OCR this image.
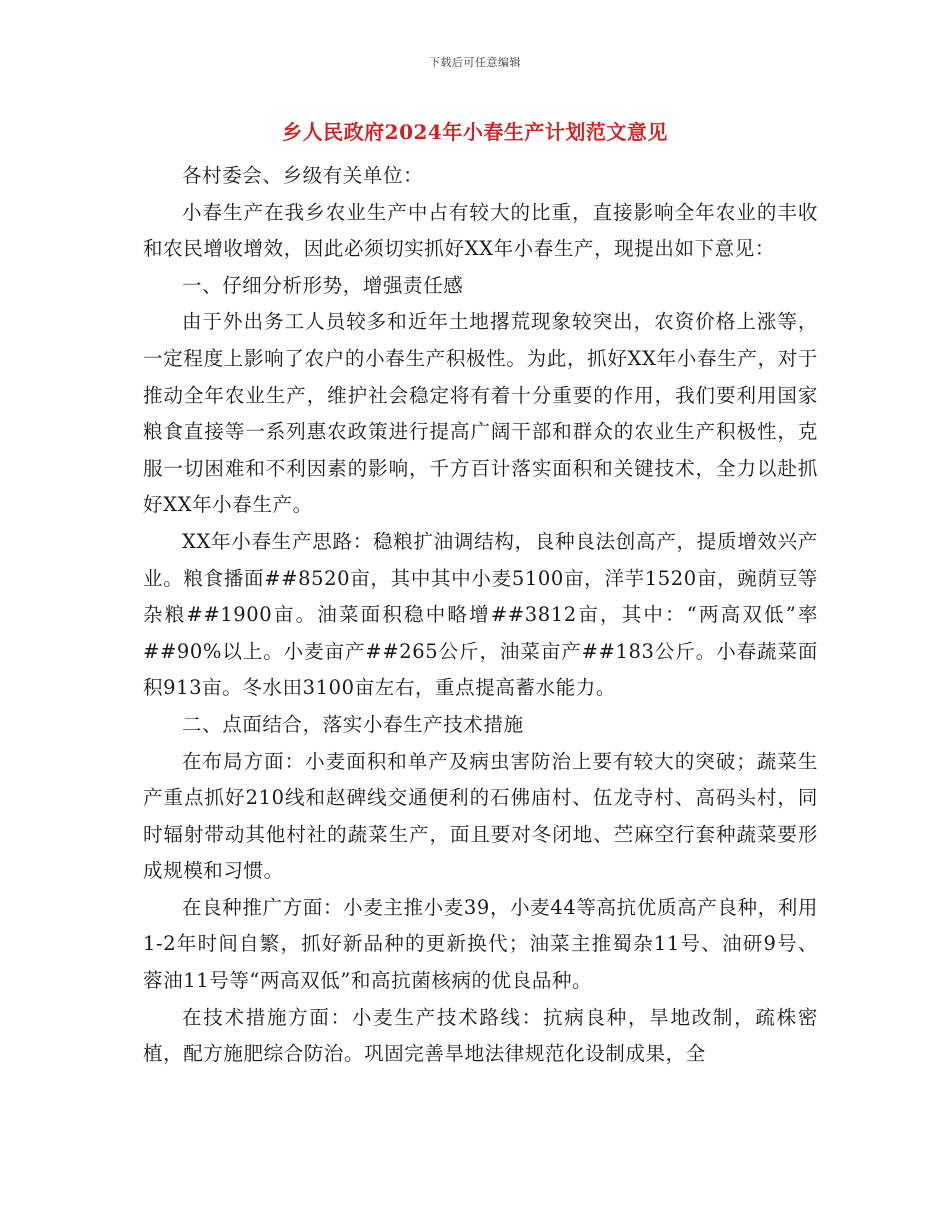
下载后可任意编辑
乡人民政府2024年小春生产计划范文意见

各村委会、乡级有关单位：

小春生产在我乡农业生产中占有较大的比重，直接影响全年农业的丰收和农民增收增效，因此必须切实抓好XX年小春生产，现提出如下意见：

一、仔细分析形势，增强责任感

由于外出务工人员较多和近年土地撂荒现象较突出，农资价格上涨等，一定程度上影响了农户的小春生产积极性。为此，抓好XX年小春生产，对于推动全年农业生产，维护社会稳定将有着十分重要的作用，我们要利用国家粮食直接等一系列惠农政策进行提高广阔干部和群众的农业生产积极性，克服一切困难和不利因素的影响，千方百计落实面积和关键技术，全力以赴抓好XX年小春生产。

XX年小春生产思路：稳粮扩油调结构，良种良法创高产，提质增效兴产业。粮食播面##8520亩，其中其中小麦5100亩，洋芋1520亩，豌荫豆等杂粮##1900亩。油菜面积稳中略增##3812亩，其中：“两高双低”率##90%以上。小麦亩产##265公斤，油菜亩产##183公斤。小春蔬菜面积913亩。冬水田3100亩左右，重点提高蓄水能力。

二、点面结合，落实小春生产技术措施

在布局方面：小麦面积和单产及病虫害防治上要有较大的突破；蔬菜生产重点抓好210线和赵碑线交通便利的石佛庙村、伍龙寺村、高码头村，同时辐射带动其他村社的蔬菜生产，面且要对冬闭地、苎麻空行套种蔬菜要形成规模和习惯。

在良种推广方面：小麦主推小麦39，小麦44等高抗优质高产良种，利用1-2年时间自繁，抓好新品种的更新换代；油菜主推蜀杂11号、油研9号、蓉油11号等“两高双低”和高抗菌核病的优良品种。

在技术措施方面：小麦生产技术路线：抗病良种，旱地改制，疏株密植，配方施肥综合防治。巩固完善旱地法律规范化设制成果，全
